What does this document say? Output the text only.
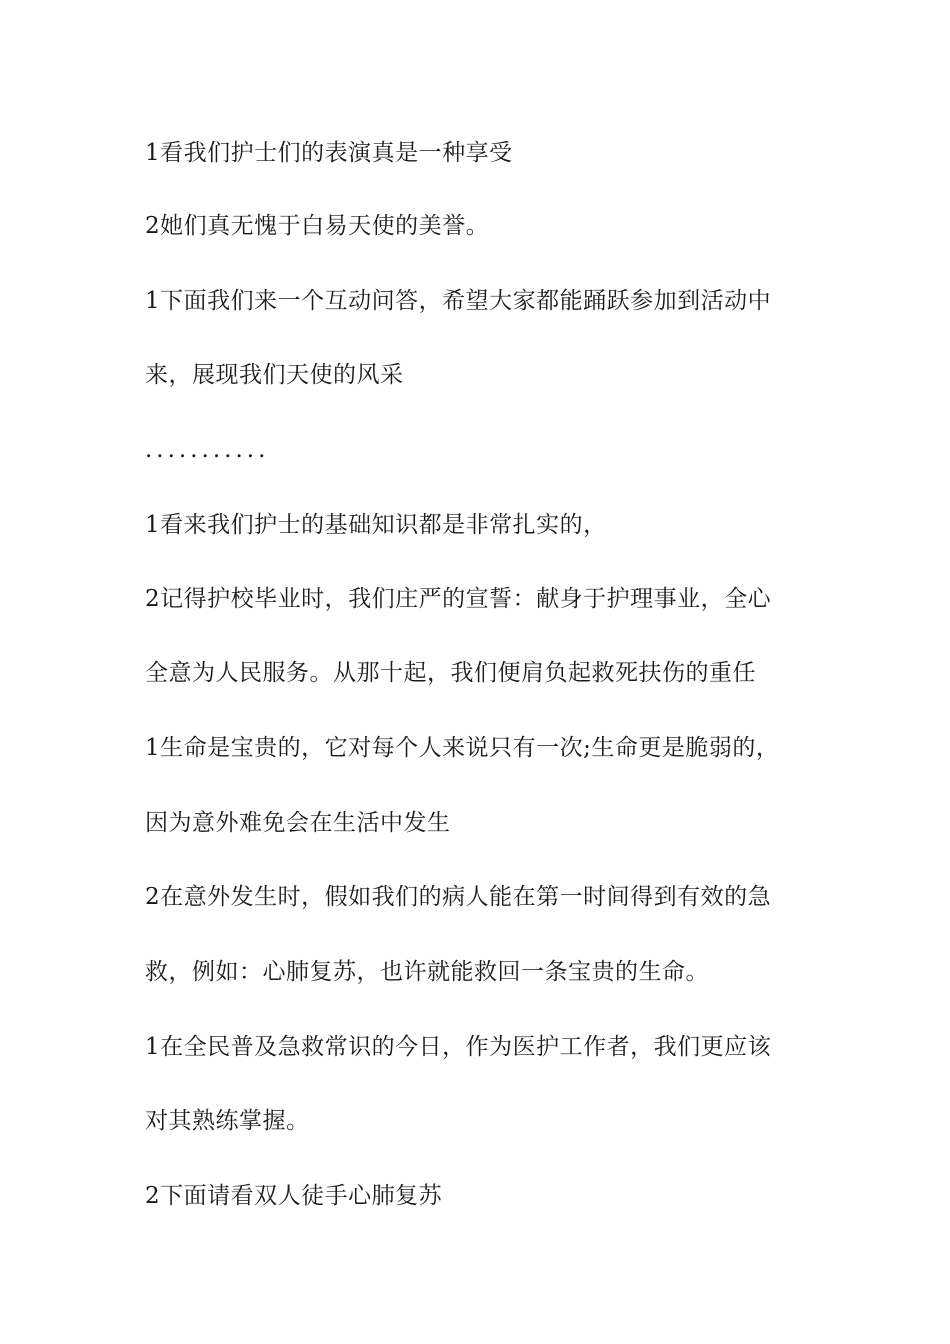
1看我们护士们的表演真是一种享受
2她们真无愧于白易天使的美誉。
1下面我们来一个互动问答，希望大家都能踊跃参加到活动中
来，展现我们天使的风采
...........
1看来我们护士的基础知识都是非常扎实的，
2记得护校毕业时，我们庄严的宣誓：献身于护理事业，全心
全意为人民服务。从那十起，我们便肩负起救死扶伤的重任
1生命是宝贵的，它对每个人来说只有一次;生命更是脆弱的，
因为意外难免会在生活中发生
2在意外发生时，假如我们的病人能在第一时间得到有效的急
救，例如：心肺复苏，也许就能救回一条宝贵的生命。
1在全民普及急救常识的今日，作为医护工作者，我们更应该
对其熟练掌握。
2下面请看双人徒手心肺复苏
